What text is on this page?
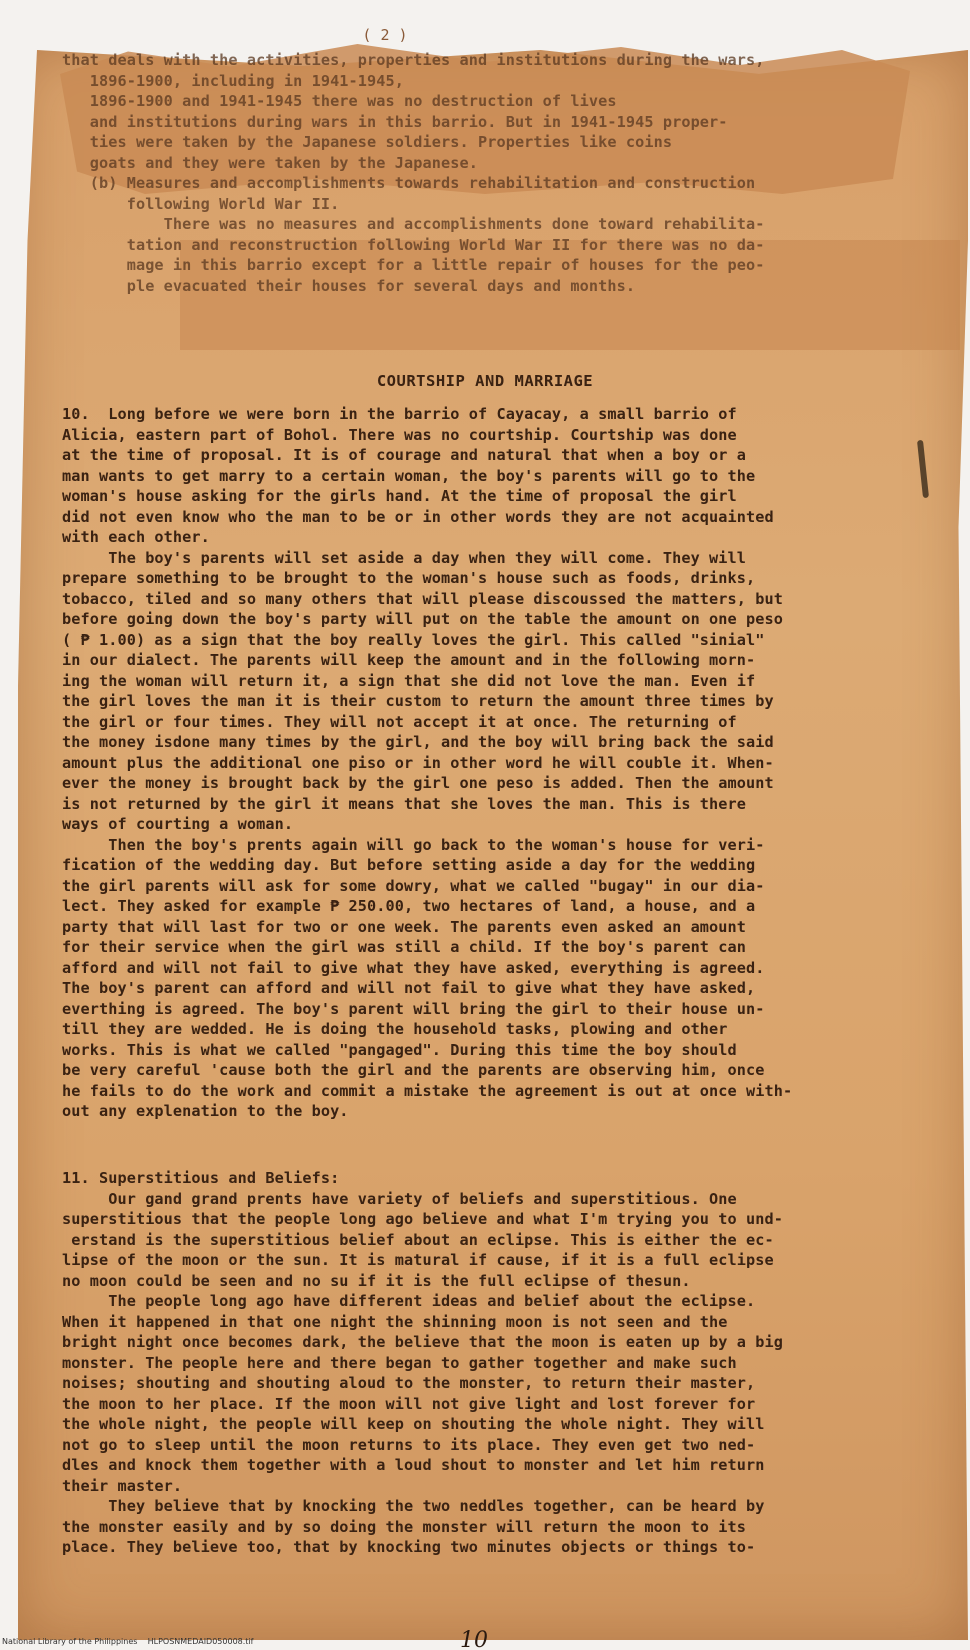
( 2 )
that deals with the activities, properties and institutions during the wars,
1896-1900, including in 1941-1945,
1896-1900 and 1941-1945 there was no destruction of lives
and institutions during wars in this barrio. But in 1941-1945 proper-
ties were taken by the Japanese soldiers. Properties like coins
goats and they were taken by the Japanese.
(b) Measures and accomplishments towards rehabilitation and construction
following World War II.
There was no measures and accomplishments done toward rehabilita-
tation and reconstruction following World War II for there was no da-
mage in this barrio except for a little repair of houses for the peo-
ple evacuated their houses for several days and months.
COURTSHIP AND MARRIAGE
10.  Long before we were born in the barrio of Cayacay, a small barrio of
Alicia, eastern part of Bohol. There was no courtship. Courtship was done
at the time of proposal. It is of courage and natural that when a boy or a
man wants to get marry to a certain woman, the boy's parents will go to the
woman's house asking for the girls hand. At the time of proposal the girl
did not even know who the man to be or in other words they are not acquainted
with each other.
The boy's parents will set aside a day when they will come. They will
prepare something to be brought to the woman's house such as foods, drinks,
tobacco, tiled and so many others that will please discoussed the matters, but
before going down the boy's party will put on the table the amount on one peso
( ₱ 1.00) as a sign that the boy really loves the girl. This called "sinial"
in our dialect. The parents will keep the amount and in the following morn-
ing the woman will return it, a sign that she did not love the man. Even if
the girl loves the man it is their custom to return the amount three times by
the girl or four times. They will not accept it at once. The returning of
the money isdone many times by the girl, and the boy will bring back the said
amount plus the additional one piso or in other word he will couble it. When-
ever the money is brought back by the girl one peso is added. Then the amount
is not returned by the girl it means that she loves the man. This is there
ways of courting a woman.
Then the boy's prents again will go back to the woman's house for veri-
fication of the wedding day. But before setting aside a day for the wedding
the girl parents will ask for some dowry, what we called "bugay" in our dia-
lect. They asked for example ₱ 250.00, two hectares of land, a house, and a
party that will last for two or one week. The parents even asked an amount
for their service when the girl was still a child. If the boy's parent can
afford and will not fail to give what they have asked, everything is agreed.
The boy's parent can afford and will not fail to give what they have asked,
everthing is agreed. The boy's parent will bring the girl to their house un-
till they are wedded. He is doing the household tasks, plowing and other
works. This is what we called "pangaged". During this time the boy should
be very careful 'cause both the girl and the parents are observing him, once
he fails to do the work and commit a mistake the agreement is out at once with-
out any explenation to the boy.
11. Superstitious and Beliefs:
Our gand grand prents have variety of beliefs and superstitious. One
superstitious that the people long ago believe and what I'm trying you to und-
erstand is the superstitious belief about an eclipse. This is either the ec-
lipse of the moon or the sun. It is matural if cause, if it is a full eclipse
no moon could be seen and no su if it is the full eclipse of thesun.
The people long ago have different ideas and belief about the eclipse.
When it happened in that one night the shinning moon is not seen and the
bright night once becomes dark, the believe that the moon is eaten up by a big
monster. The people here and there began to gather together and make such
noises; shouting and shouting aloud to the monster, to return their master,
the moon to her place. If the moon will not give light and lost forever for
the whole night, the people will keep on shouting the whole night. They will
not go to sleep until the moon returns to its place. They even get two ned-
dles and knock them together with a loud shout to monster and let him return
their master.
They believe that by knocking the two neddles together, can be heard by
the monster easily and by so doing the monster will return the moon to its
place. They believe too, that by knocking two minutes objects or things to-
10
National Library of the Philippines    HLPOSNMEDAID050008.tif
